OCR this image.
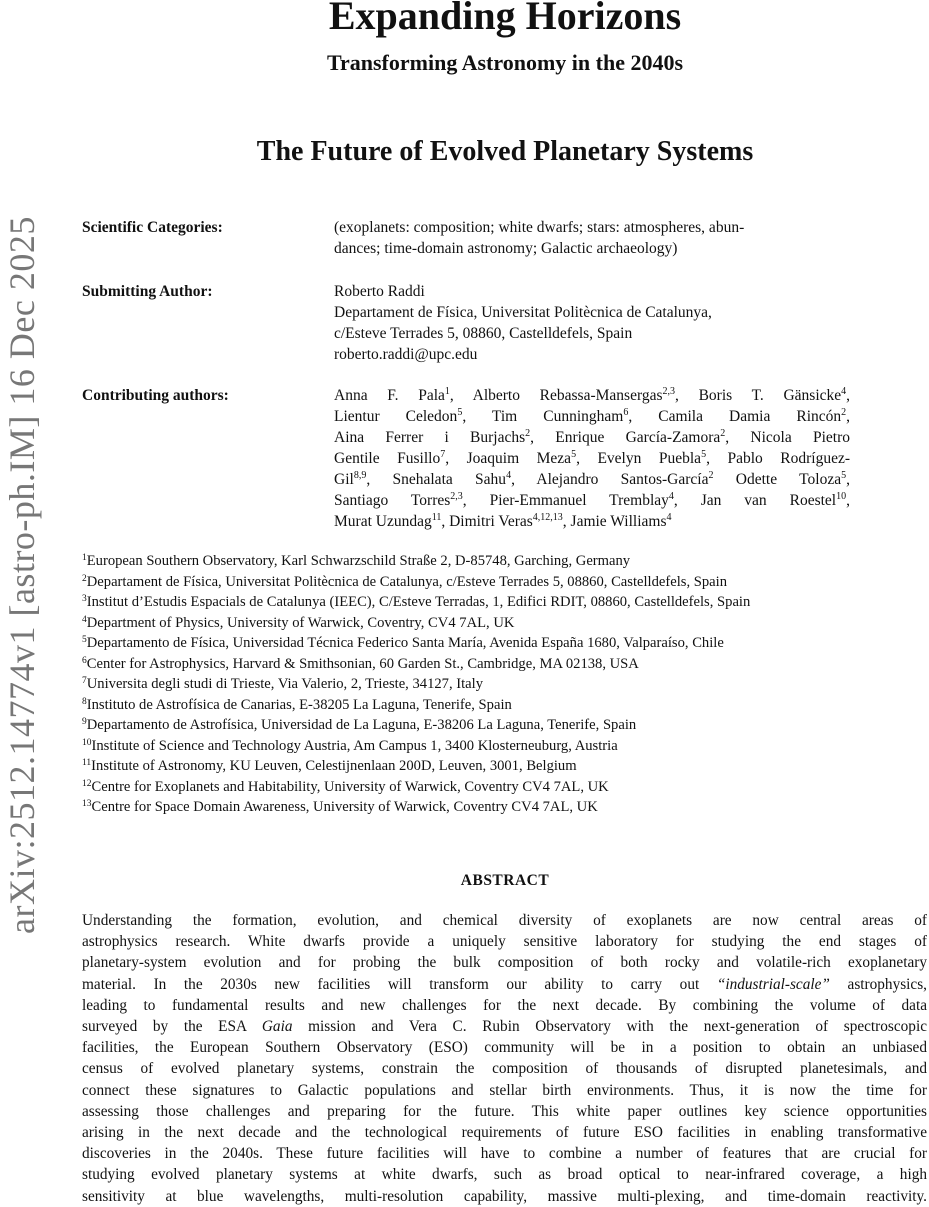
arXiv:2512.14774v1 [astro-ph.IM] 16 Dec 2025
Expanding Horizons
Transforming Astronomy in the 2040s
The Future of Evolved Planetary Systems
Scientific Categories:	(exoplanets: composition; white dwarfs; stars: atmospheres, abun-
dances; time-domain astronomy; Galactic archaeology)
Submitting Author:	Roberto Raddi
Departament de Física, Universitat Politècnica de Catalunya,
c/Esteve Terrades 5, 08860, Castelldefels, Spain
roberto.raddi@upc.edu
Contributing authors:	Anna F. Pala$^1$, Alberto Rebassa-Mansergas$^{2,3}$, Boris T. Gänsicke$^4$,
Lientur Celedon$^5$, Tim Cunningham$^6$, Camila Damia Rincón$^2$,
Aina Ferrer i Burjachs$^2$, Enrique García-Zamora$^2$, Nicola Pietro
Gentile Fusillo$^7$, Joaquim Meza$^5$, Evelyn Puebla$^5$, Pablo Rodríguez-
Gil$^{8,9}$, Snehalata Sahu$^4$, Alejandro Santos-García$^2$ Odette Toloza$^5$,
Santiago Torres$^{2,3}$, Pier-Emmanuel Tremblay$^4$, Jan van Roestel$^{10}$,
Murat Uzundag$^{11}$, Dimitri Veras$^{4,12,13}$, Jamie Williams$^4$
$^1$European Southern Observatory, Karl Schwarzschild Straße 2, D-85748, Garching, Germany
$^2$Departament de Física, Universitat Politècnica de Catalunya, c/Esteve Terrades 5, 08860, Castelldefels, Spain
$^3$Institut d’Estudis Espacials de Catalunya (IEEC), C/Esteve Terradas, 1, Edifici RDIT, 08860, Castelldefels, Spain
$^4$Department of Physics, University of Warwick, Coventry, CV4 7AL, UK
$^5$Departamento de Física, Universidad Técnica Federico Santa María, Avenida España 1680, Valparaíso, Chile
$^6$Center for Astrophysics, Harvard & Smithsonian, 60 Garden St., Cambridge, MA 02138, USA
$^7$Universita degli studi di Trieste, Via Valerio, 2, Trieste, 34127, Italy
$^8$Instituto de Astrofísica de Canarias, E-38205 La Laguna, Tenerife, Spain
$^9$Departamento de Astrofísica, Universidad de La Laguna, E-38206 La Laguna, Tenerife, Spain
$^{10}$Institute of Science and Technology Austria, Am Campus 1, 3400 Klosterneuburg, Austria
$^{11}$Institute of Astronomy, KU Leuven, Celestijnenlaan 200D, Leuven, 3001, Belgium
$^{12}$Centre for Exoplanets and Habitability, University of Warwick, Coventry CV4 7AL, UK
$^{13}$Centre for Space Domain Awareness, University of Warwick, Coventry CV4 7AL, UK
ABSTRACT
Understanding the formation, evolution, and chemical diversity of exoplanets are now central areas of
astrophysics research. White dwarfs provide a uniquely sensitive laboratory for studying the end stages of
planetary-system evolution and for probing the bulk composition of both rocky and volatile-rich exoplanetary
material. In the 2030s new facilities will transform our ability to carry out “industrial-scale” astrophysics,
leading to fundamental results and new challenges for the next decade. By combining the volume of data
surveyed by the ESA Gaia mission and Vera C. Rubin Observatory with the next-generation of spectroscopic
facilities, the European Southern Observatory (ESO) community will be in a position to obtain an unbiased
census of evolved planetary systems, constrain the composition of thousands of disrupted planetesimals, and
connect these signatures to Galactic populations and stellar birth environments. Thus, it is now the time for
assessing those challenges and preparing for the future. This white paper outlines key science opportunities
arising in the next decade and the technological requirements of future ESO facilities in enabling transformative
discoveries in the 2040s. These future facilities will have to combine a number of features that are crucial for
studying evolved planetary systems at white dwarfs, such as broad optical to near-infrared coverage, a high
sensitivity at blue wavelengths, multi-resolution capability, massive multi-plexing, and time-domain reactivity.
